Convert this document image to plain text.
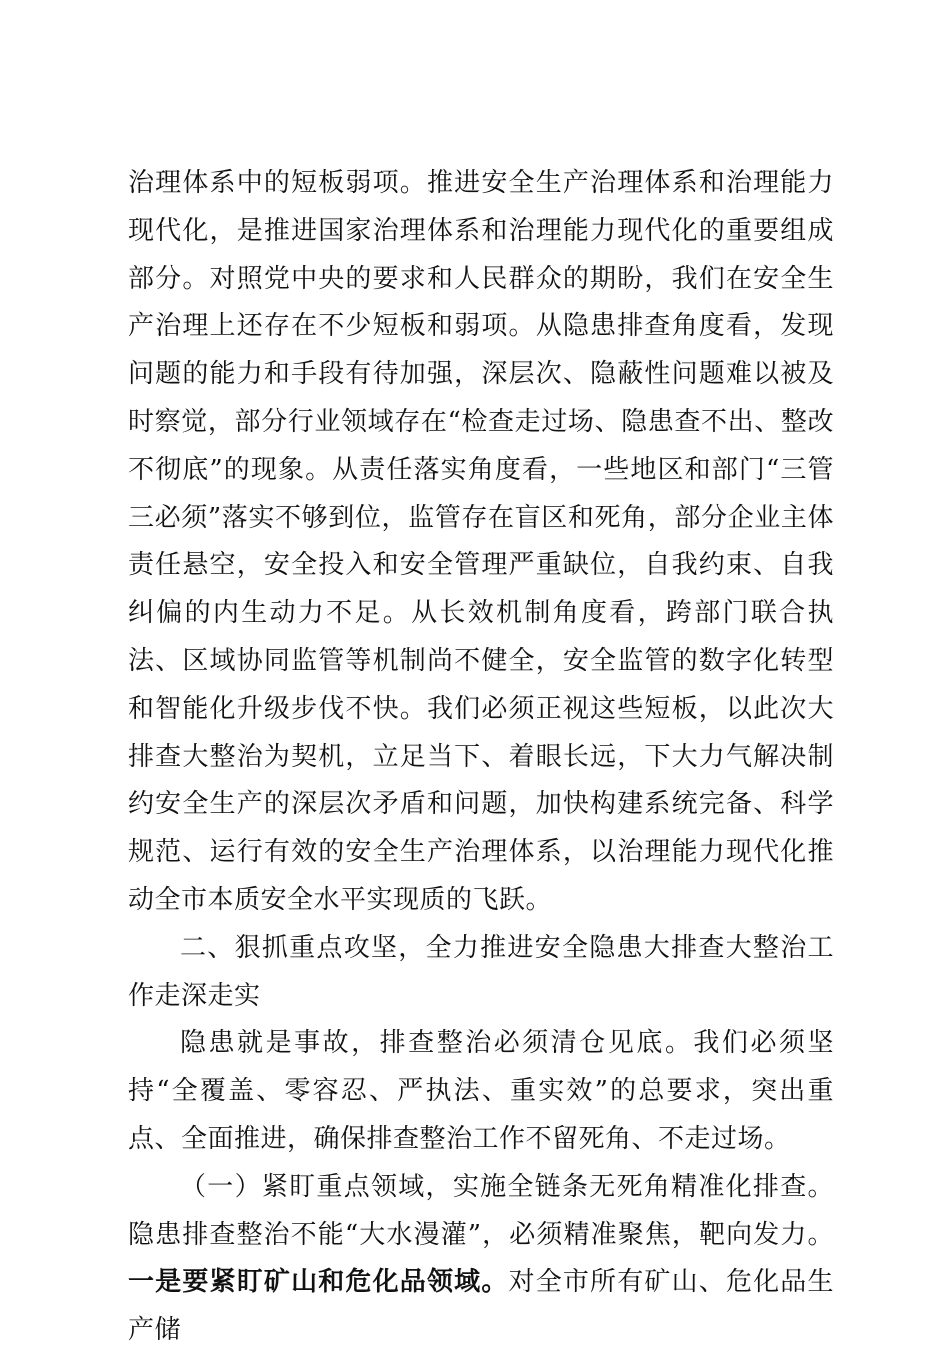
治理体系中的短板弱项。推进安全生产治理体系和治理能力现代化，是推进国家治理体系和治理能力现代化的重要组成部分。对照党中央的要求和人民群众的期盼，我们在安全生产治理上还存在不少短板和弱项。从隐患排查角度看，发现问题的能力和手段有待加强，深层次、隐蔽性问题难以被及时察觉，部分行业领域存在“检查走过场、隐患查不出、整改不彻底”的现象。从责任落实角度看，一些地区和部门“三管三必须”落实不够到位，监管存在盲区和死角，部分企业主体责任悬空，安全投入和安全管理严重缺位，自我约束、自我纠偏的内生动力不足。从长效机制角度看，跨部门联合执法、区域协同监管等机制尚不健全，安全监管的数字化转型和智能化升级步伐不快。我们必须正视这些短板，以此次大排查大整治为契机，立足当下、着眼长远，下大力气解决制约安全生产的深层次矛盾和问题，加快构建系统完备、科学规范、运行有效的安全生产治理体系，以治理能力现代化推动全市本质安全水平实现质的飞跃。

二、狠抓重点攻坚，全力推进安全隐患大排查大整治工作走深走实

隐患就是事故，排查整治必须清仓见底。我们必须坚持“全覆盖、零容忍、严执法、重实效”的总要求，突出重点、全面推进，确保排查整治工作不留死角、不走过场。

（一）紧盯重点领域，实施全链条无死角精准化排查。隐患排查整治不能“大水漫灌”，必须精准聚焦，靶向发力。一是要紧盯矿山和危化品领域。对全市所有矿山、危化品生产储
